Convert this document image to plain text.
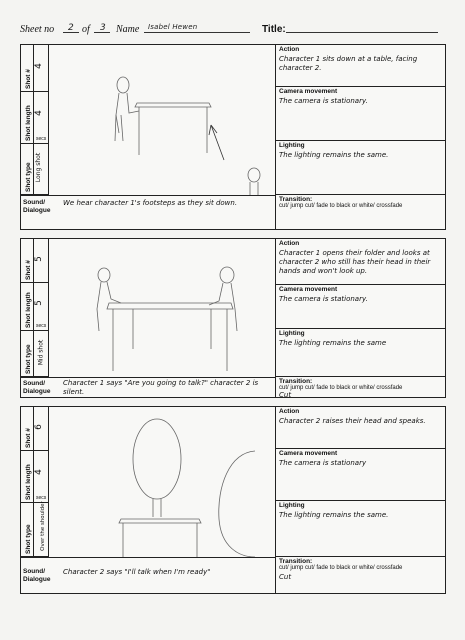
Sheet no 2 of 3 Name Isabel Hewen	Title:
Shot #
Shot length
Shot type
4
4
secs
Long shot
Action
Character 1 sits down at a table, facing character 2.
Camera movement
The camera is stationary.
Lighting
The lighting remains the same.
Sound/ Dialogue
We hear character 1's footsteps as they sit down.	Transition:
cut/ jump cut/ fade to black or white/ crossfade
Shot #
Shot length
Shot type
5
5
secs
Mid shot
Action
Character 1 opens their folder and looks at character 2 who still has their head in their hands and won't look up.
Camera movement
The camera is stationary.
Lighting
The lighting remains the same
Sound/ Dialogue
Character 1 says "Are you going to talk?" character 2 is silent.
Transition:
cut/ jump cut/ fade to black or white/ crossfade
Cut
Shot #
Shot length
Shot type
6
4
secs
Over the shoulder
Action
Character 2 raises their head and speaks.
Camera movement
The camera is stationary
Lighting
The lighting remains the same.
Sound/ Dialogue
Character 2 says "I'll talk when I'm ready"
Transition:
cut/ jump cut/ fade to black or white/ crossfade
Cut
